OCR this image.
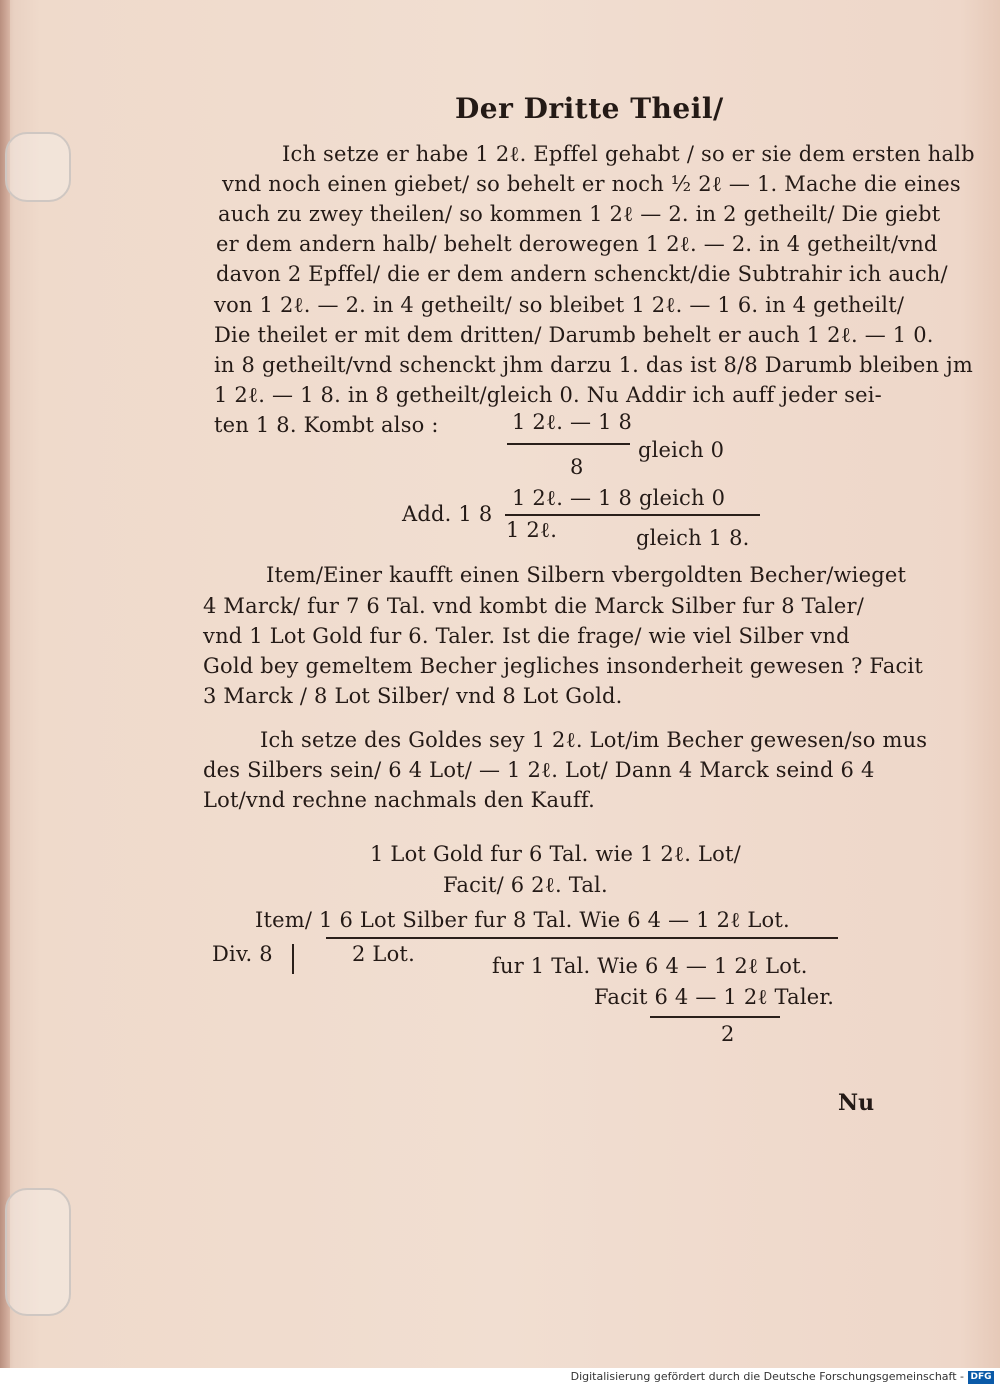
Der Dritte Theil/
Ich setze er habe 1 2ℓ. Epffel gehabt / so er sie dem ersten halb
vnd noch einen giebet/ so behelt er noch ½ 2ℓ — 1. Mache die eines
auch zu zwey theilen/ so kommen 1 2ℓ — 2. in 2 getheilt/ Die giebt
er dem andern halb/ behelt derowegen 1 2ℓ. — 2. in 4 getheilt/vnd
davon 2 Epffel/ die er dem andern schenckt/die Subtrahir ich auch/
von 1 2ℓ. — 2. in 4 getheilt/ so bleibet 1 2ℓ. — 1 6. in 4 getheilt/
Die theilet er mit dem dritten/ Darumb behelt er auch 1 2ℓ. — 1 0.
in 8 getheilt/vnd schenckt jhm darzu 1. das ist 8/8 Darumb bleiben jm
1 2ℓ. — 1 8. in 8 getheilt/gleich 0. Nu Addir ich auff jeder sei-
ten 1 8. Kombt also :	1 2ℓ. — 1 8
gleich 0
8
Add. 1 8
1 2ℓ. — 1 8 gleich 0
1 2ℓ.	gleich 1 8.
Item/Einer kaufft einen Silbern vbergoldten Becher/wieget
4 Marck/ fur 7 6 Tal. vnd kombt die Marck Silber fur 8 Taler/
vnd 1 Lot Gold fur 6. Taler. Ist die frage/ wie viel Silber vnd
Gold bey gemeltem Becher jegliches insonderheit gewesen ? Facit
3 Marck / 8 Lot Silber/ vnd 8 Lot Gold.
Ich setze des Goldes sey 1 2ℓ. Lot/im Becher gewesen/so mus
des Silbers sein/ 6 4 Lot/ — 1 2ℓ. Lot/ Dann 4 Marck seind 6 4
Lot/vnd rechne nachmals den Kauff.
1 Lot Gold fur 6 Tal. wie 1 2ℓ. Lot/
Facit/ 6 2ℓ. Tal.
Item/ 1 6 Lot Silber fur 8 Tal. Wie 6 4 — 1 2ℓ Lot.
Div. 8	2 Lot.	fur 1 Tal. Wie 6 4 — 1 2ℓ Lot.
Facit 6 4 — 1 2ℓ Taler.
2
Nu
Digitalisierung gefördert durch die Deutsche Forschungsgemeinschaft - DFG
